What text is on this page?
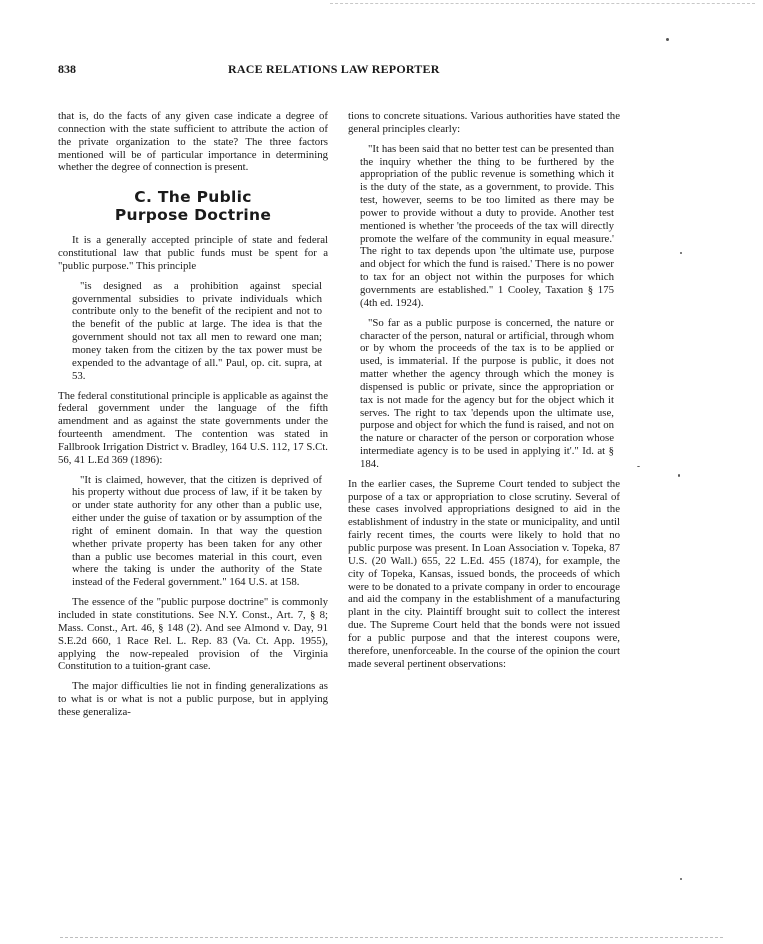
838	RACE RELATIONS LAW REPORTER

that is, do the facts of any given case indicate a degree of connection with the state sufficient to attribute the action of the private organization to the state? The three factors mentioned will be of particular importance in determining whether the degree of connection is present.

C. The Public
Purpose Doctrine

It is a generally accepted principle of state and federal constitutional law that public funds must be spent for a "public purpose." This principle

"is designed as a prohibition against special governmental subsidies to private individuals which contribute only to the benefit of the recipient and not to the benefit of the public at large. The idea is that the government should not tax all men to reward one man; money taken from the citizen by the tax power must be expended to the advantage of all." Paul, op. cit. supra, at 53.

The federal constitutional principle is applicable as against the federal government under the language of the fifth amendment and as against the state governments under the fourteenth amendment. The contention was stated in Fallbrook Irrigation District v. Bradley, 164 U.S. 112, 17 S.Ct. 56, 41 L.Ed 369 (1896):

"It is claimed, however, that the citizen is deprived of his property without due process of law, if it be taken by or under state authority for any other than a public use, either under the guise of taxation or by assumption of the right of eminent domain. In that way the question whether private property has been taken for any other than a public use becomes material in this court, even where the taking is under the authority of the State instead of the Federal government." 164 U.S. at 158.

The essence of the "public purpose doctrine" is commonly included in state constitutions. See N.Y. Const., Art. 7, § 8; Mass. Const., Art. 46, § 148 (2). And see Almond v. Day, 91 S.E.2d 660, 1 Race Rel. L. Rep. 83 (Va. Ct. App. 1955), applying the now-repealed provision of the Virginia Constitution to a tuition-grant case.

The major difficulties lie not in finding generalizations as to what is or what is not a public purpose, but in applying these generaliza-

tions to concrete situations. Various authorities have stated the general principles clearly:

"It has been said that no better test can be presented than the inquiry whether the thing to be furthered by the appropriation of the public revenue is something which it is the duty of the state, as a government, to provide. This test, however, seems to be too limited as there may be power to provide without a duty to provide. Another test mentioned is whether 'the proceeds of the tax will directly promote the welfare of the community in equal measure.' The right to tax depends upon 'the ultimate use, purpose and object for which the fund is raised.' There is no power to tax for an object not within the purposes for which governments are established." 1 Cooley, Taxation § 175 (4th ed. 1924).
"So far as a public purpose is concerned, the nature or character of the person, natural or artificial, through whom or by whom the proceeds of the tax is to be applied or used, is immaterial. If the purpose is public, it does not matter whether the agency through which the money is dispensed is public or private, since the appropriation or tax is not made for the agency but for the object which it serves. The right to tax 'depends upon the ultimate use, purpose and object for which the fund is raised, and not on the nature or character of the person or corporation whose intermediate agency is to be used in applying it'." Id. at § 184.

In the earlier cases, the Supreme Court tended to subject the purpose of a tax or appropriation to close scrutiny. Several of these cases involved appropriations designed to aid in the establishment of industry in the state or municipality, and until fairly recent times, the courts were likely to hold that no public purpose was present. In Loan Association v. Topeka, 87 U.S. (20 Wall.) 655, 22 L.Ed. 455 (1874), for example, the city of Topeka, Kansas, issued bonds, the proceeds of which were to be donated to a private company in order to encourage and aid the company in the establishment of a manufacturing plant in the city. Plaintiff brought suit to collect the interest due. The Supreme Court held that the bonds were not issued for a public purpose and that the interest coupons were, therefore, unenforceable. In the course of the opinion the court made several pertinent observations:
